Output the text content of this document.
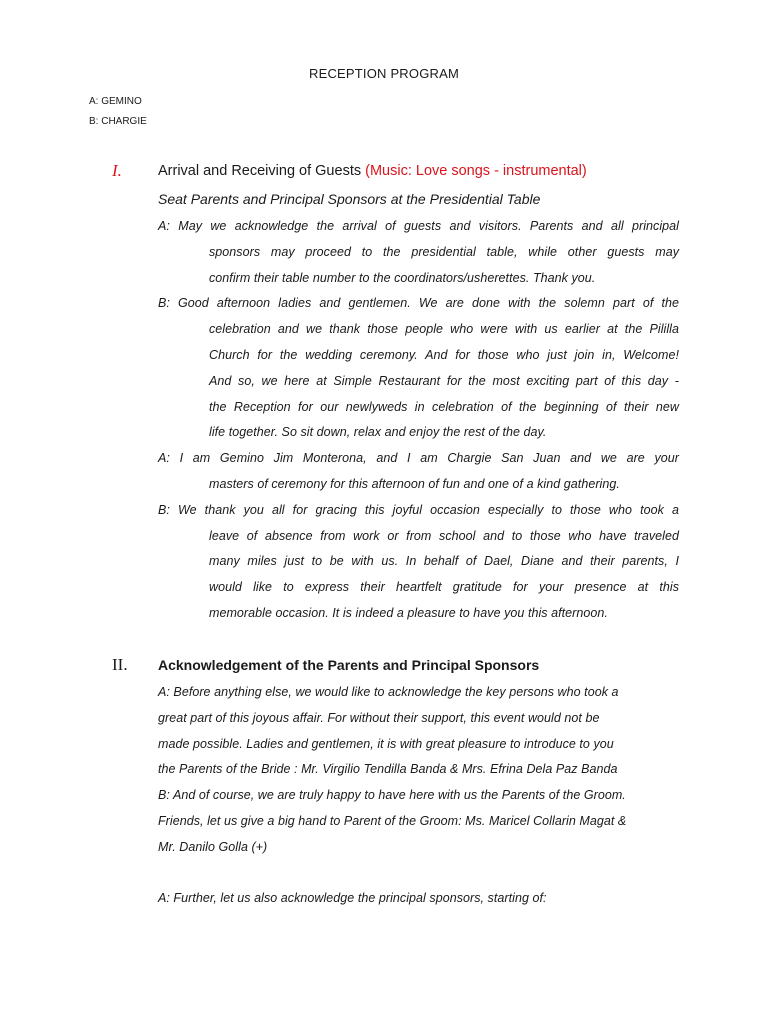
RECEPTION PROGRAM
A: GEMINO
B: CHARGIE
I. Arrival and Receiving of Guests (Music: Love songs - instrumental)
Seat Parents and Principal Sponsors at the Presidential Table
A: May we acknowledge the arrival of guests and visitors. Parents and all principal
sponsors may proceed to the presidential table, while other guests may
confirm their table number to the coordinators/usherettes. Thank you.
B: Good afternoon ladies and gentlemen. We are done with the solemn part of the
celebration and we thank those people who were with us earlier at the Pililla
Church for the wedding ceremony. And for those who just join in, Welcome!
And so, we here at Simple Restaurant for the most exciting part of this day -
the Reception for our newlyweds in celebration of the beginning of their new
life together. So sit down, relax and enjoy the rest of the day.
A: I am Gemino Jim Monterona, and I am Chargie San Juan and we are your
masters of ceremony for this afternoon of fun and one of a kind gathering.
B: We thank you all for gracing this joyful occasion especially to those who took a
leave of absence from work or from school and to those who have traveled
many miles just to be with us. In behalf of Dael, Diane and their parents, I
would like to express their heartfelt gratitude for your presence at this
memorable occasion. It is indeed a pleasure to have you this afternoon.
II. Acknowledgement of the Parents and Principal Sponsors
A: Before anything else, we would like to acknowledge the key persons who took a
great part of this joyous affair. For without their support, this event would not be
made possible. Ladies and gentlemen, it is with great pleasure to introduce to you
the Parents of the Bride : Mr. Virgilio Tendilla Banda & Mrs. Efrina Dela Paz Banda
B: And of course, we are truly happy to have here with us the Parents of the Groom.
Friends, let us give a big hand to Parent of the Groom: Ms. Maricel Collarin Magat &
Mr. Danilo Golla (+)
A: Further, let us also acknowledge the principal sponsors, starting of:
